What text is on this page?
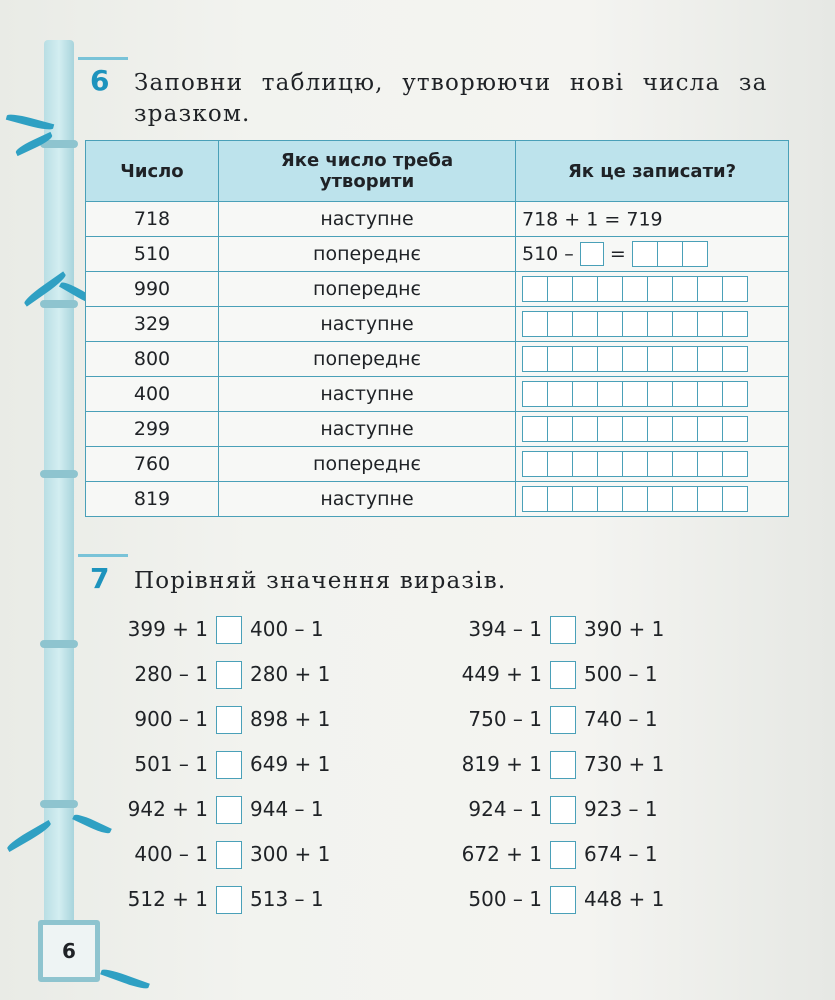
6 Заповни таблицю, утворюючи нові числа за
зразком.
Число	Яке число треба
утворити	Як це записати?
718	наступне	718 + 1 = 719
510	попереднє	510 – =
990	попереднє	
329	наступне	
800	попереднє	
400	наступне	
299	наступне	
760	попереднє	
819	наступне	
7 Порівняй значення виразів.
399 + 1 400 – 1
280 – 1 280 + 1
900 – 1 898 + 1
501 – 1 649 + 1
942 + 1 944 – 1
400 – 1 300 + 1
512 + 1 513 – 1
394 – 1 390 + 1
449 + 1 500 – 1
750 – 1 740 – 1
819 + 1 730 + 1
924 – 1 923 – 1
672 + 1 674 – 1
500 – 1 448 + 1
6
